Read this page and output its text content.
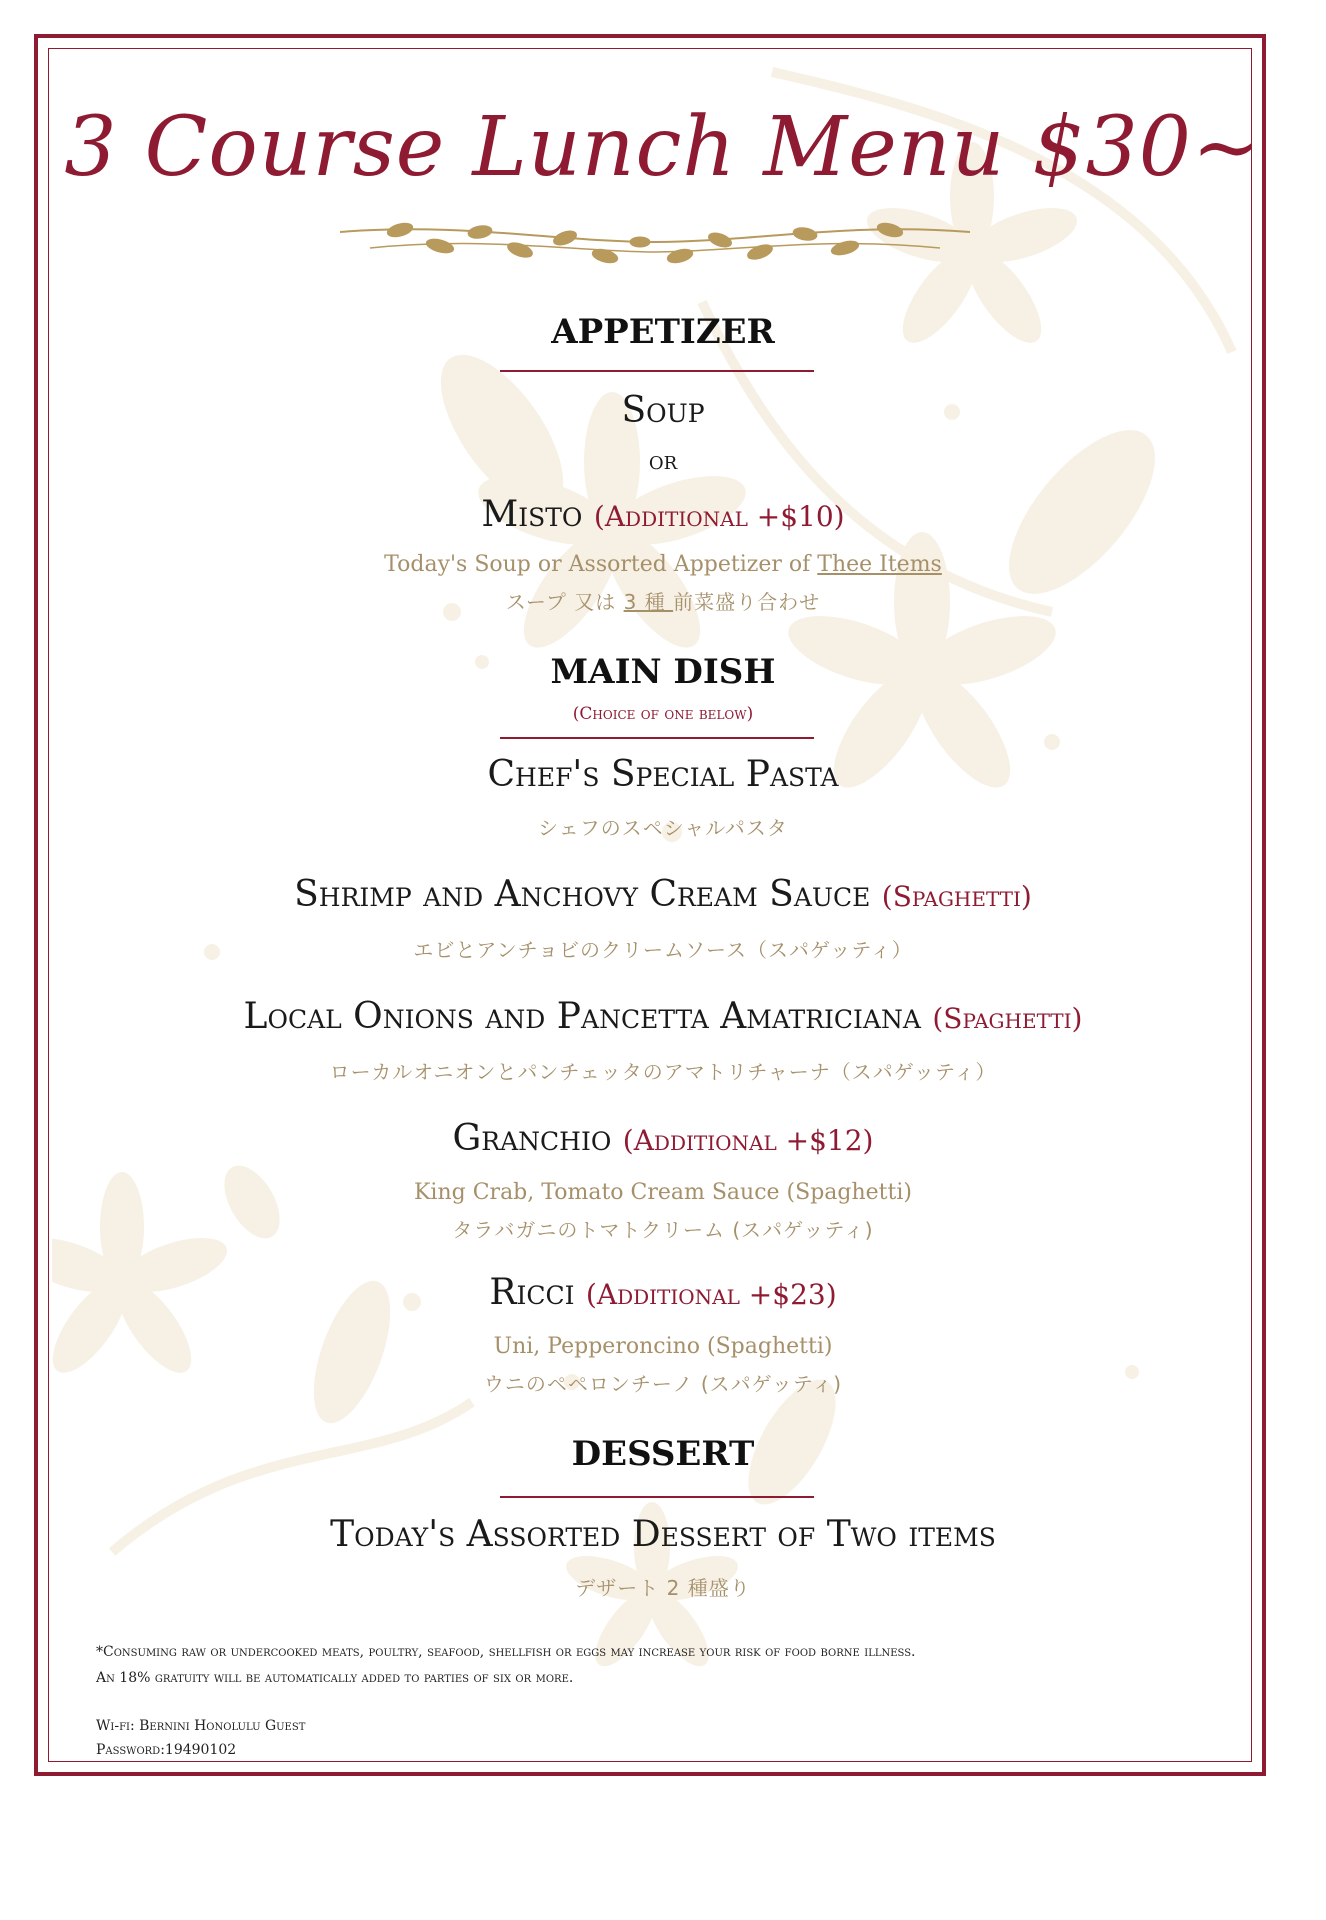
3 Course Lunch Menu $30~
APPETIZER
Soup
or
Misto (Additional +$10)
Today's Soup or Assorted Appetizer of Thee Items
スープ 又は 3 種 前菜盛り合わせ
MAIN DISH
(Choice of one below)
Chef's Special Pasta
シェフのスペシャルパスタ
Shrimp and Anchovy Cream Sauce (Spaghetti)
エビとアンチョビのクリームソース（スパゲッティ）
Local Onions and Pancetta Amatriciana (Spaghetti)
ローカルオニオンとパンチェッタのアマトリチャーナ（スパゲッティ）
Granchio (Additional +$12)
King Crab, Tomato Cream Sauce (Spaghetti)
タラバガニのトマトクリーム (スパゲッティ)
Ricci (Additional +$23)
Uni, Pepperoncino (Spaghetti)
ウニのペペロンチーノ (スパゲッティ)
DESSERT
Today's Assorted Dessert of Two items
デザート 2 種盛り
*Consuming raw or undercooked meats, poultry, seafood, shellfish or eggs may increase your risk of food borne illness.
An 18% gratuity will be automatically added to parties of six or more.
Wi-fi: Bernini Honolulu Guest
Password:19490102
